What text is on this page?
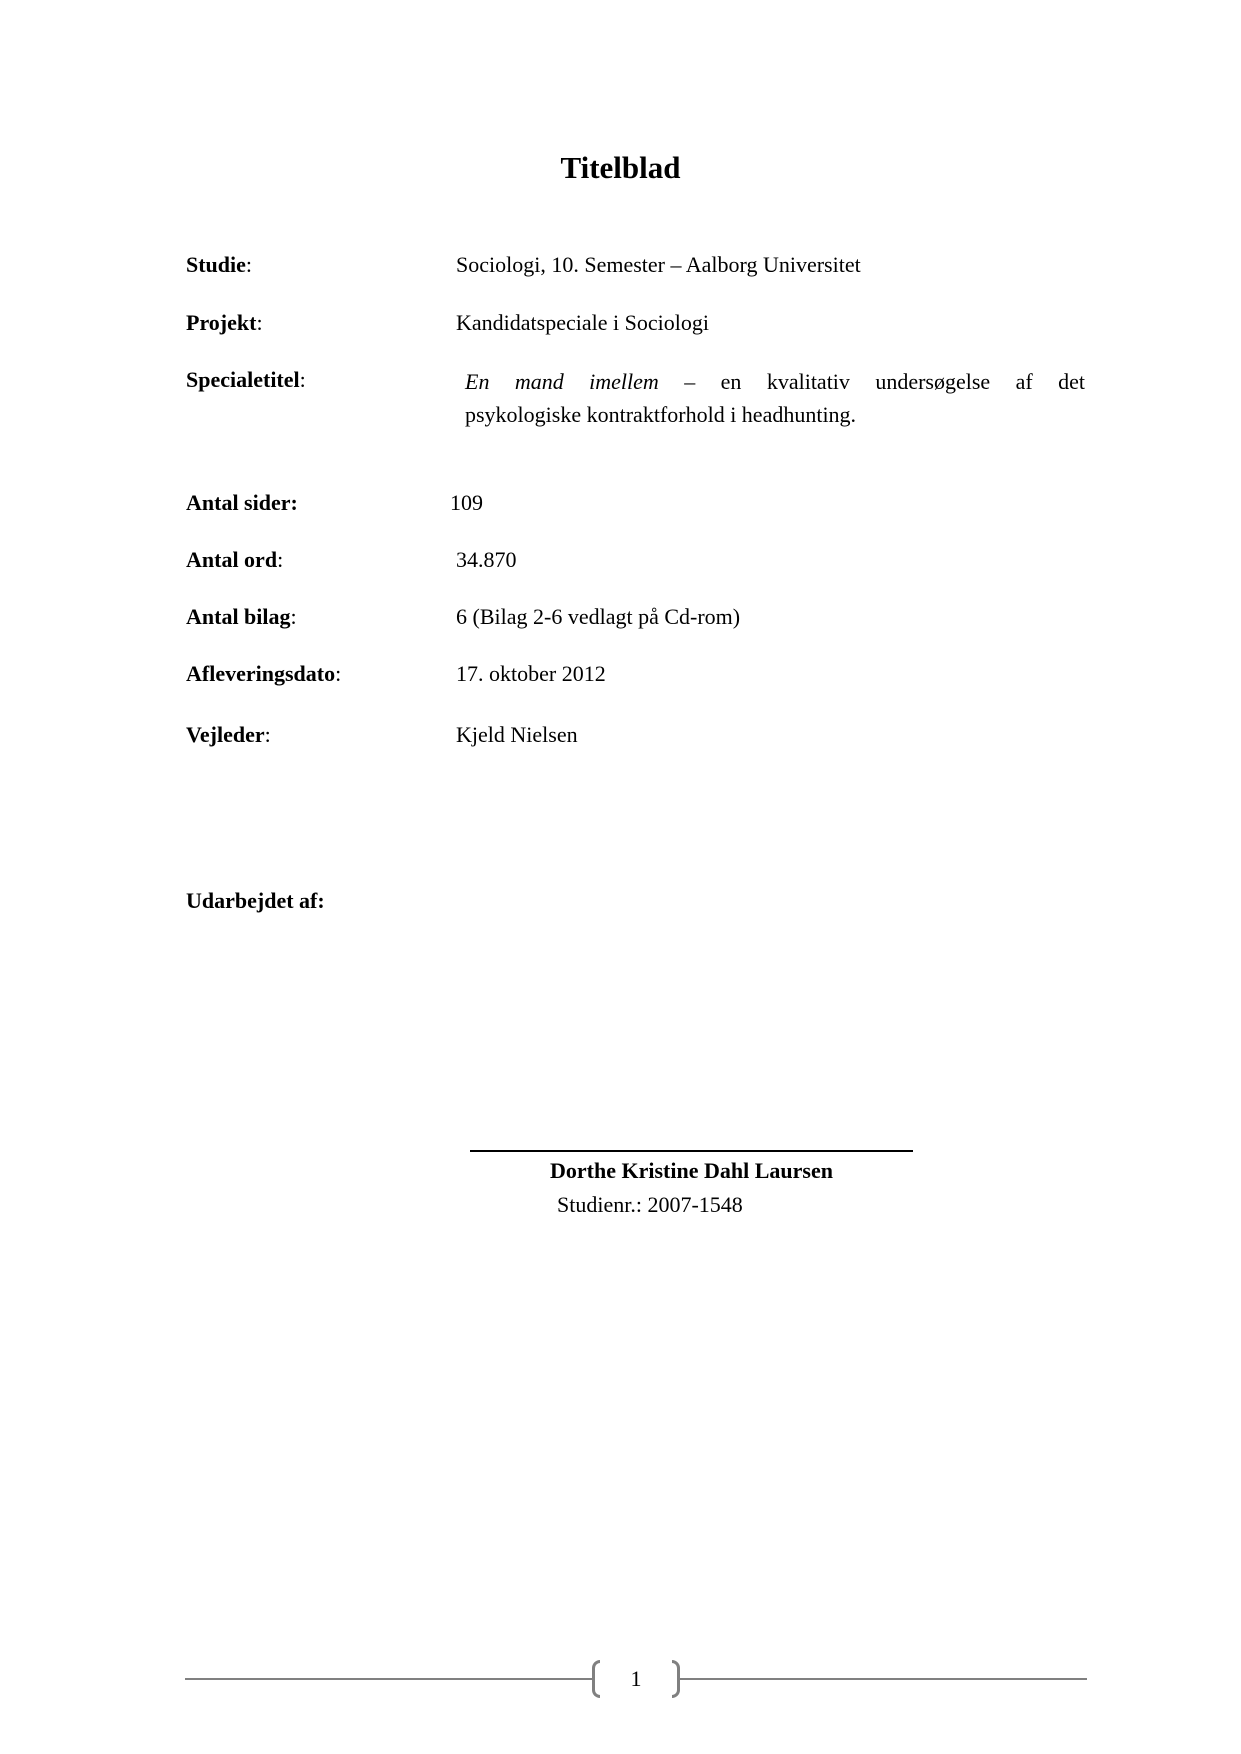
Titelblad
Studie:	Sociologi, 10. Semester – Aalborg Universitet
Projekt:	Kandidatspeciale i Sociologi
Specialetitel:	En mand imellem – en kvalitativ undersøgelse af det
psykologiske kontraktforhold i headhunting.
Antal sider:	109
Antal ord:	34.870
Antal bilag:	6 (Bilag 2-6 vedlagt på Cd-rom)
Afleveringsdato:	17. oktober 2012
Vejleder:	Kjeld Nielsen
Udarbejdet af:
Dorthe Kristine Dahl Laursen
Studienr.: 2007-1548
1
